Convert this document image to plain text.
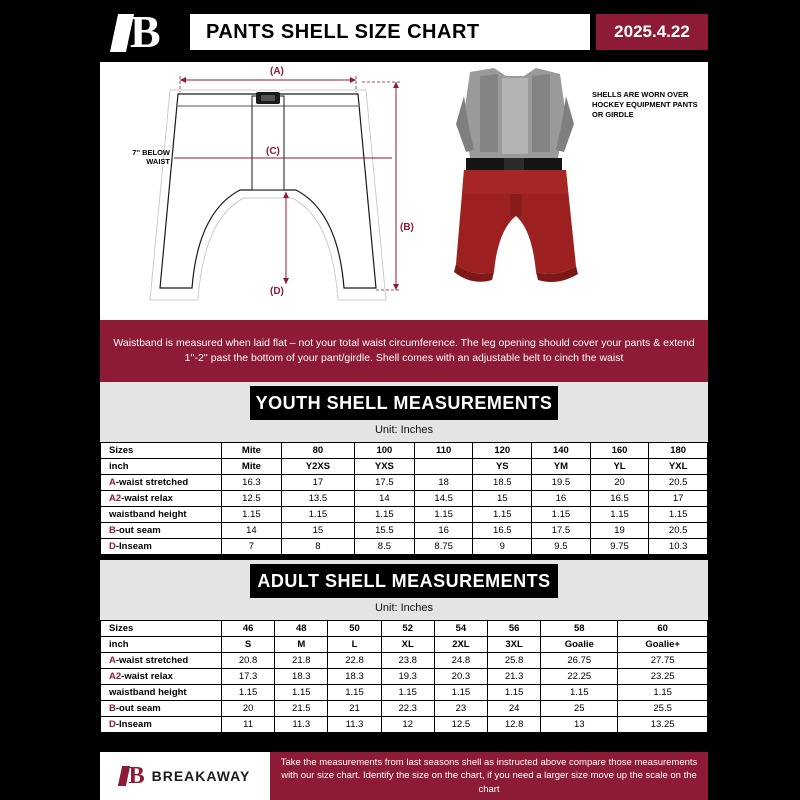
B	PANTS SHELL SIZE CHART	2025.4.22
7'' BELOW WAIST
(A)
(B)
(C)
(D)
SHELLS ARE WORN OVER HOCKEY EQUIPMENT PANTS OR GIRDLE

Waistband is measured when laid flat – not your total waist circumference. The leg opening should cover your pants & extend 1''-2'' past the bottom of your pant/girdle. Shell comes with an adjustable belt to cinch the waist

YOUTH SHELL MEASUREMENTS
Unit: Inches
Sizes	Mite	80	100	110	120	140	160	180
inch	Mite	Y2XS	YXS		YS	YM	YL	YXL
A-waist stretched	16.3	17	17.5	18	18.5	19.5	20	20.5
A2-waist relax	12.5	13.5	14	14.5	15	16	16.5	17
waistband height	1.15	1.15	1.15	1.15	1.15	1.15	1.15	1.15
B-out seam	14	15	15.5	16	16.5	17.5	19	20.5
D-Inseam	7	8	8.5	8.75	9	9.5	9.75	10.3
ADULT SHELL MEASUREMENTS
Unit: Inches
Sizes	46	48	50	52	54	56	58	60
inch	S	M	L	XL	2XL	3XL	Goalie	Goalie+
A-waist stretched	20.8	21.8	22.8	23.8	24.8	25.8	26.75	27.75
A2-waist relax	17.3	18.3	18.3	19.3	20.3	21.3	22.25	23.25
waistband height	1.15	1.15	1.15	1.15	1.15	1.15	1.15	1.15
B-out seam	20	21.5	21	22.3	23	24	25	25.5
D-Inseam	11	11.3	11.3	12	12.5	12.8	13	13.25
B BREAKAWAY

Take the measurements from last seasons shell as instructed above compare those measurements with our size chart. Identify the size on the chart, if you need a larger size move up the scale on the chart
